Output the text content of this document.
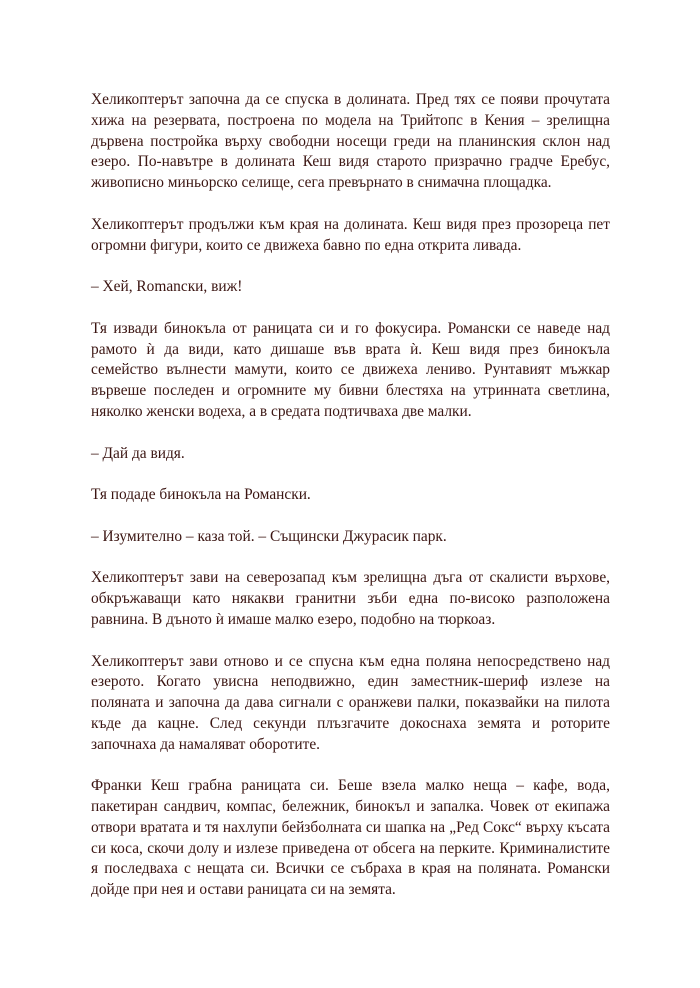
Хеликоптерът започна да се спуска в долината. Пред тях се появи прочутата хижа на резервата, построена по модела на Трийтопс в Кения – зрелищна дървена постройка върху свободни носещи греди на планинския склон над езеро. По-навътре в долината Кеш видя старото призрачно градче Еребус, живописно миньорско селище, сега превърнато в снимачна площадка.

Хеликоптерът продължи към края на долината. Кеш видя през прозореца пет огромни фигури, които се движеха бавно по една открита ливада.

– Хей, Romanски, виж!

Тя извади бинокъла от раницата си и го фокусира. Романски се наведе над рамото ѝ да види, като дишаше във врата ѝ. Кеш видя през бинокъла семейство вълнести мамути, които се движеха лениво. Рунтавият мъжкар вървеше последен и огромните му бивни блестяха на утринната светлина, няколко женски водеха, а в средата подтичваха две малки.

– Дай да видя.

Тя подаде бинокъла на Романски.

– Изумително – каза той. – Същински Джурасик парк.

Хеликоптерът зави на северозапад към зрелищна дъга от скалисти върхове, обкръжаващи като някакви гранитни зъби една по-високо разположена равнина. В дъното ѝ имаше малко езеро, подобно на тюркоаз.

Хеликоптерът зави отново и се спусна към една поляна непосредствено над езерото. Когато увисна неподвижно, един заместник-шериф излезе на поляната и започна да дава сигнали с оранжеви палки, показвайки на пилота къде да кацне. След секунди плъзгачите докоснаха земята и роторите започнаха да намаляват оборотите.

Франки Кеш грабна раницата си. Беше взела малко неща – кафе, вода, пакетиран сандвич, компас, бележник, бинокъл и запалка. Човек от екипажа отвори вратата и тя нахлупи бейзболната си шапка на „Ред Сокс“ върху късата си коса, скочи долу и излезе приведена от обсега на перките. Криминалистите я последваха с нещата си. Всички се събраха в края на поляната. Романски дойде при нея и остави раницата си на земята.
